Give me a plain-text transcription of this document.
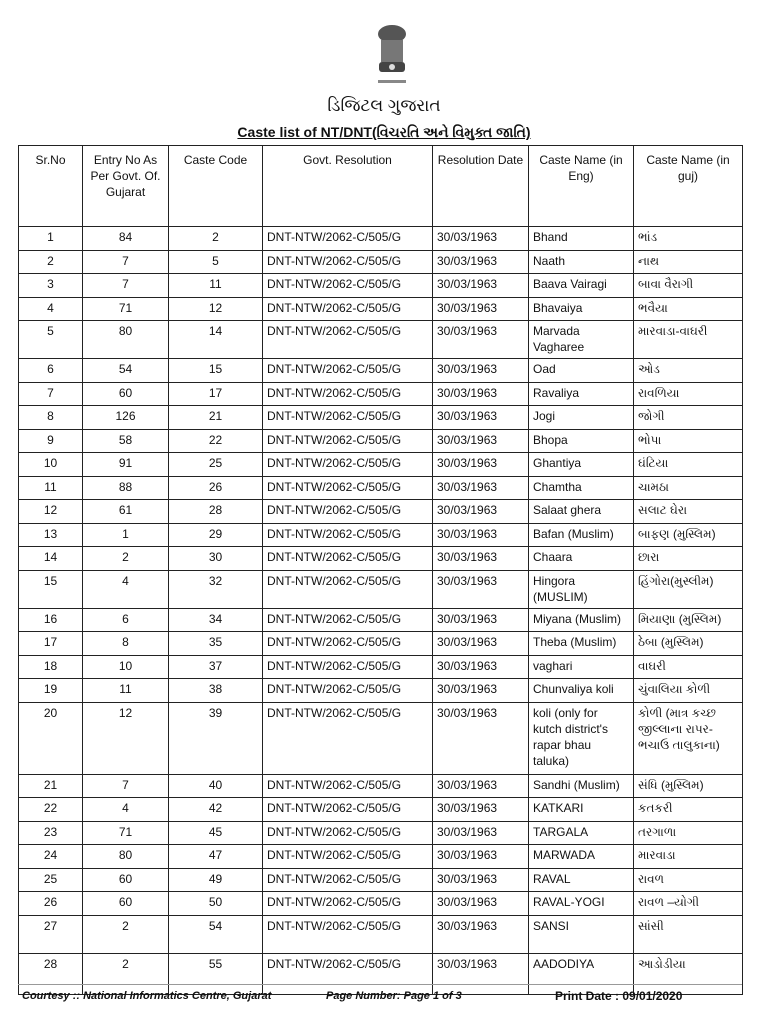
ડિજિટલ ગુજરાત
Caste list of NT/DNT(વિચરતિ અને વિમુક્ત જાતિ)
Sr.No	Entry No As Per Govt. Of. Gujarat	Caste Code	Govt. Resolution	Resolution Date	Caste Name (in Eng)	Caste Name (in guj)
1	84	2	DNT-NTW/2062-C/505/G	30/03/1963	Bhand	ભાંડ
2	7	5	DNT-NTW/2062-C/505/G	30/03/1963	Naath	નાથ
3	7	11	DNT-NTW/2062-C/505/G	30/03/1963	Baava Vairagi	બાવા વૈરાગી
4	71	12	DNT-NTW/2062-C/505/G	30/03/1963	Bhavaiya	ભવૈયા
5	80	14	DNT-NTW/2062-C/505/G	30/03/1963	Marvada Vagharee	મારવાડા-વાઘરી
6	54	15	DNT-NTW/2062-C/505/G	30/03/1963	Oad	ઓડ
7	60	17	DNT-NTW/2062-C/505/G	30/03/1963	Ravaliya	રાવળિયા
8	126	21	DNT-NTW/2062-C/505/G	30/03/1963	Jogi	જોગી
9	58	22	DNT-NTW/2062-C/505/G	30/03/1963	Bhopa	ભોપા
10	91	25	DNT-NTW/2062-C/505/G	30/03/1963	Ghantiya	ઘંટિયા
11	88	26	DNT-NTW/2062-C/505/G	30/03/1963	Chamtha	ચામઠા
12	61	28	DNT-NTW/2062-C/505/G	30/03/1963	Salaat ghera	સલાટ ઘેરા
13	1	29	DNT-NTW/2062-C/505/G	30/03/1963	Bafan (Muslim)	બાફણ (મુસ્લિમ)
14	2	30	DNT-NTW/2062-C/505/G	30/03/1963	Chaara	છારા
15	4	32	DNT-NTW/2062-C/505/G	30/03/1963	Hingora (MUSLIM)	હિંગોરા(મુસ્લીમ)
16	6	34	DNT-NTW/2062-C/505/G	30/03/1963	Miyana (Muslim)	મિયાણા (મુસ્લિમ)
17	8	35	DNT-NTW/2062-C/505/G	30/03/1963	Theba (Muslim)	ઠેબા (મુસ્લિમ)
18	10	37	DNT-NTW/2062-C/505/G	30/03/1963	vaghari	વાઘરી
19	11	38	DNT-NTW/2062-C/505/G	30/03/1963	Chunvaliya koli	ચુંવાલિયા કોળી
20	12	39	DNT-NTW/2062-C/505/G	30/03/1963	koli (only for kutch district's rapar bhau taluka)	કોળી (માત્ર કચ્છ જીલ્લાના રાપર- ભચાઉ તાલુકાના)
21	7	40	DNT-NTW/2062-C/505/G	30/03/1963	Sandhi (Muslim)	સંધિ (મુસ્લિમ)
22	4	42	DNT-NTW/2062-C/505/G	30/03/1963	KATKARI	કતકરી
23	71	45	DNT-NTW/2062-C/505/G	30/03/1963	TARGALA	તરગાળા
24	80	47	DNT-NTW/2062-C/505/G	30/03/1963	MARWADA	મારવાડા
25	60	49	DNT-NTW/2062-C/505/G	30/03/1963	RAVAL	રાવળ
26	60	50	DNT-NTW/2062-C/505/G	30/03/1963	RAVAL-YOGI	રાવળ –યોગી
27	2	54	DNT-NTW/2062-C/505/G	30/03/1963	SANSI	સાંસી
28	2	55	DNT-NTW/2062-C/505/G	30/03/1963	AADODIYA	આડોડીયા
Courtesy :: National Informatics Centre, Gujarat	Page Number: Page 1 of 3	Print Date : 09/01/2020
